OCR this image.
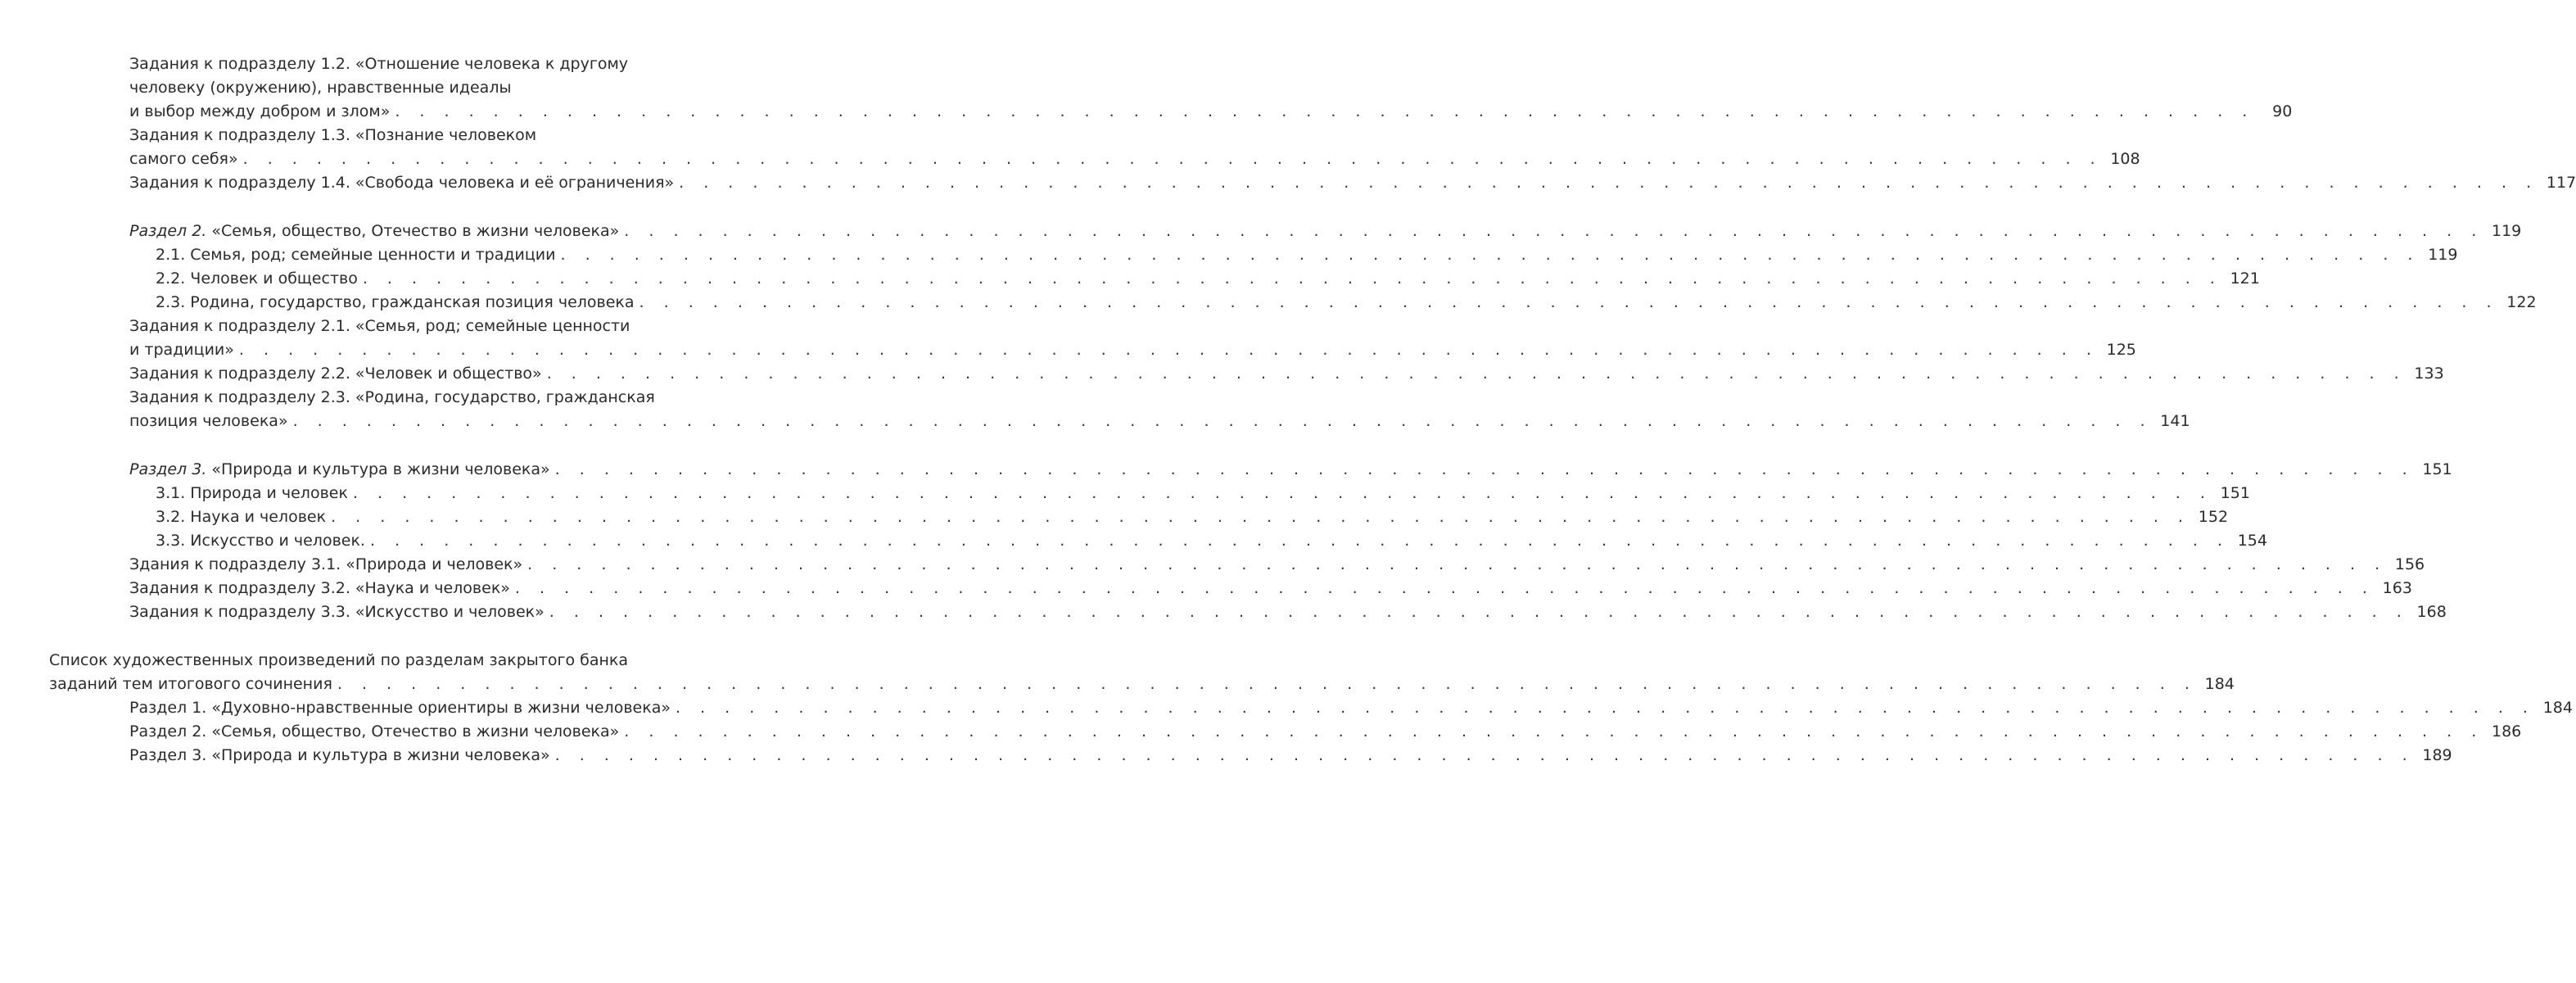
Задания к подразделу 1.2. «Отношение человека к другому
человеку (окружению), нравственные идеалы
и выбор между добром и злом» . . . . . . . . . . . . . . . . . . . . . . . . . . . . . . . . . . . . . . . . . . . . . . . . . . . . . . . . . . . . . . . . . . . . . . . . . . . .	90
Задания к подразделу 1.3. «Познание человеком
самого себя» . . . . . . . . . . . . . . . . . . . . . . . . . . . . . . . . . . . . . . . . . . . . . . . . . . . . . . . . . . . . . . . . . . . . . . . . . . . . 108
Задания к подразделу 1.4. «Свобода человека и её ограничения» . . . . . . . . . . . . . . . . . . . . . . . . . . . . . . . . . . . . . . . . . . . . . . . . . . . . . . . . . . . . . . . . . . . . . . . . . . . . 117
Раздел 2. «Семья, общество, Отечество в жизни человека» . . . . . . . . . . . . . . . . . . . . . . . . . . . . . . . . . . . . . . . . . . . . . . . . . . . . . . . . . . . . . . . . . . . . . . . . . . . . 119
2.1. Семья, род; семейные ценности и традиции . . . . . . . . . . . . . . . . . . . . . . . . . . . . . . . . . . . . . . . . . . . . . . . . . . . . . . . . . . . . . . . . . . . . . . . . . . . . 119
2.2. Человек и общество . . . . . . . . . . . . . . . . . . . . . . . . . . . . . . . . . . . . . . . . . . . . . . . . . . . . . . . . . . . . . . . . . . . . . . . . . . . . 121
2.3. Родина, государство, гражданская позиция человека . . . . . . . . . . . . . . . . . . . . . . . . . . . . . . . . . . . . . . . . . . . . . . . . . . . . . . . . . . . . . . . . . . . . . . . . . . . . 122
Задания к подразделу 2.1. «Семья, род; семейные ценности
и традиции» . . . . . . . . . . . . . . . . . . . . . . . . . . . . . . . . . . . . . . . . . . . . . . . . . . . . . . . . . . . . . . . . . . . . . . . . . . . . 125
Задания к подразделу 2.2. «Человек и общество» . . . . . . . . . . . . . . . . . . . . . . . . . . . . . . . . . . . . . . . . . . . . . . . . . . . . . . . . . . . . . . . . . . . . . . . . . . . . 133
Задания к подразделу 2.3. «Родина, государство, гражданская
позиция человека» . . . . . . . . . . . . . . . . . . . . . . . . . . . . . . . . . . . . . . . . . . . . . . . . . . . . . . . . . . . . . . . . . . . . . . . . . . . . 141
Раздел 3. «Природа и культура в жизни человека» . . . . . . . . . . . . . . . . . . . . . . . . . . . . . . . . . . . . . . . . . . . . . . . . . . . . . . . . . . . . . . . . . . . . . . . . . . . . 151
3.1. Природа и человек . . . . . . . . . . . . . . . . . . . . . . . . . . . . . . . . . . . . . . . . . . . . . . . . . . . . . . . . . . . . . . . . . . . . . . . . . . . . 151
3.2. Наука и человек . . . . . . . . . . . . . . . . . . . . . . . . . . . . . . . . . . . . . . . . . . . . . . . . . . . . . . . . . . . . . . . . . . . . . . . . . . . . 152
3.3. Искусство и человек. . . . . . . . . . . . . . . . . . . . . . . . . . . . . . . . . . . . . . . . . . . . . . . . . . . . . . . . . . . . . . . . . . . . . . . . . . . . . 154
Здания к подразделу 3.1. «Природа и человек» . . . . . . . . . . . . . . . . . . . . . . . . . . . . . . . . . . . . . . . . . . . . . . . . . . . . . . . . . . . . . . . . . . . . . . . . . . . . 156
Задания к подразделу 3.2. «Наука и человек» . . . . . . . . . . . . . . . . . . . . . . . . . . . . . . . . . . . . . . . . . . . . . . . . . . . . . . . . . . . . . . . . . . . . . . . . . . . . 163
Задания к подразделу 3.3. «Искусство и человек» . . . . . . . . . . . . . . . . . . . . . . . . . . . . . . . . . . . . . . . . . . . . . . . . . . . . . . . . . . . . . . . . . . . . . . . . . . . . 168
Список художественных произведений по разделам закрытого банка
заданий тем итогового сочинения . . . . . . . . . . . . . . . . . . . . . . . . . . . . . . . . . . . . . . . . . . . . . . . . . . . . . . . . . . . . . . . . . . . . . . . . . . . . 184
Раздел 1. «Духовно-нравственные ориентиры в жизни человека» . . . . . . . . . . . . . . . . . . . . . . . . . . . . . . . . . . . . . . . . . . . . . . . . . . . . . . . . . . . . . . . . . . . . . . . . . . . . 184
Раздел 2. «Семья, общество, Отечество в жизни человека» . . . . . . . . . . . . . . . . . . . . . . . . . . . . . . . . . . . . . . . . . . . . . . . . . . . . . . . . . . . . . . . . . . . . . . . . . . . . 186
Раздел 3. «Природа и культура в жизни человека» . . . . . . . . . . . . . . . . . . . . . . . . . . . . . . . . . . . . . . . . . . . . . . . . . . . . . . . . . . . . . . . . . . . . . . . . . . . . 189
